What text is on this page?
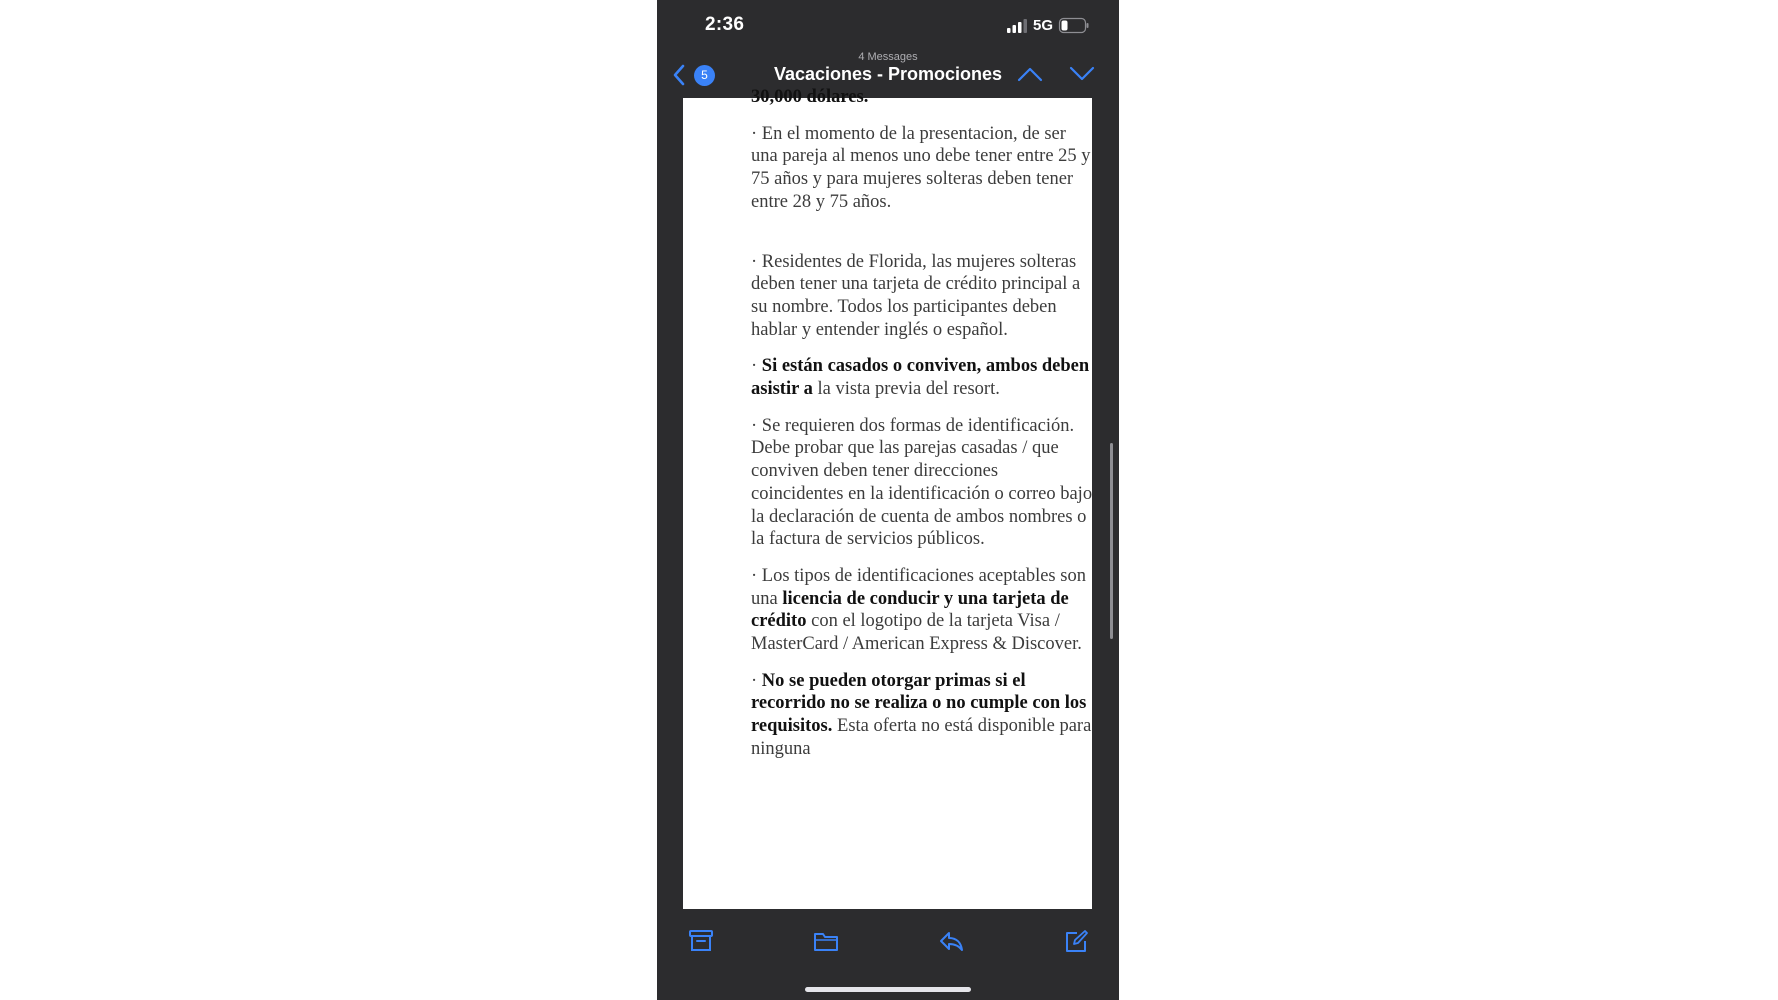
2:36	5G
4 Messages
Vacaciones - Promociones
5

30,000 dólares.

· En el momento de la presentacion, de ser una pareja al menos uno debe tener entre 25 y 75 años y para mujeres solteras deben tener entre 28 y 75 años.

· Residentes de Florida, las mujeres solteras deben tener una tarjeta de crédito principal a su nombre. Todos los participantes deben hablar y entender inglés o español.

· Si están casados o conviven, ambos deben asistir a la vista previa del resort.

· Se requieren dos formas de identificación. Debe probar que las parejas casadas / que conviven deben tener direcciones coincidentes en la identificación o correo bajo la declaración de cuenta de ambos nombres o la factura de servicios públicos.

· Los tipos de identificaciones aceptables son una licencia de conducir y una tarjeta de crédito con el logotipo de la tarjeta Visa / MasterCard / American Express & Discover.

· No se pueden otorgar primas si el recorrido no se realiza o no cumple con los requisitos. Esta oferta no está disponible para ninguna
